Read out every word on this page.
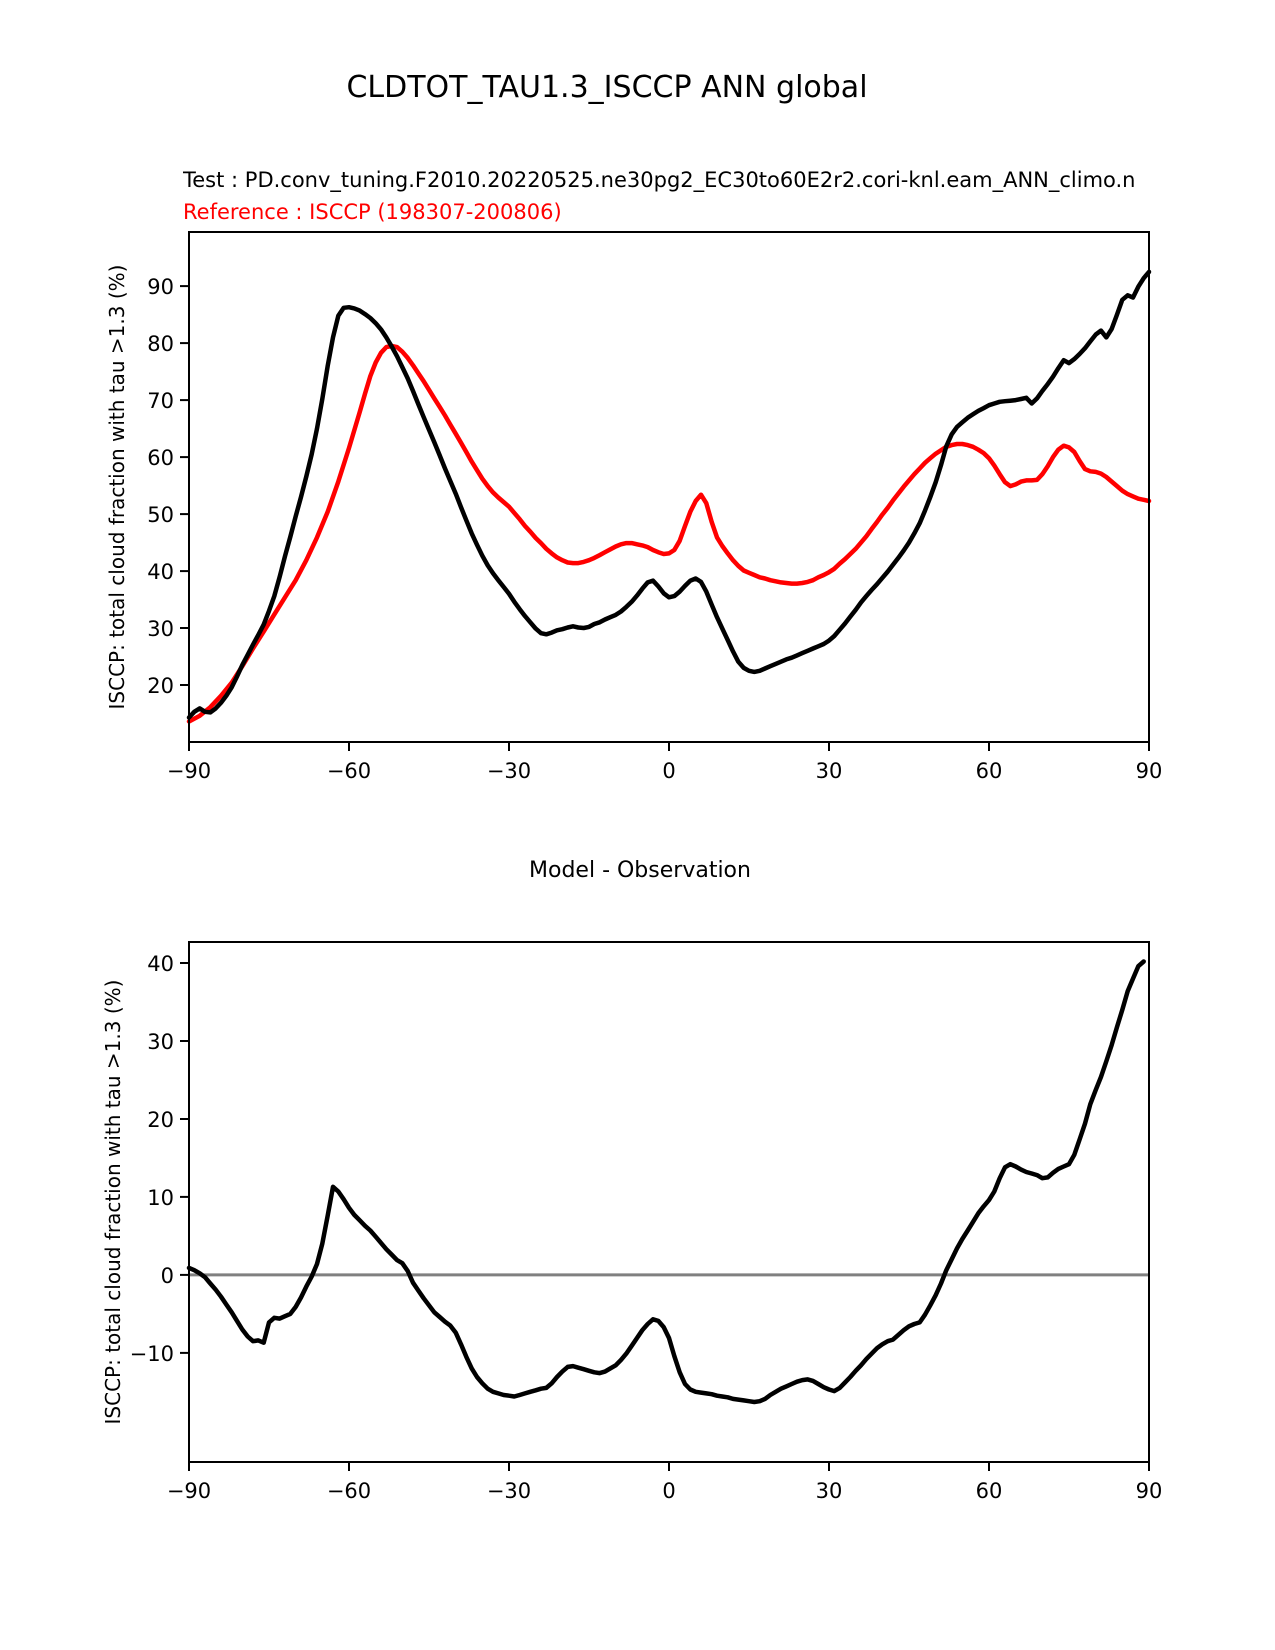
CLDTOT_TAU1.3_ISCCP ANN global
Test : PD.conv_tuning.F2010.20220525.ne30pg2_EC30to60E2r2.cori-knl.eam_ANN_climo.n
Reference : ISCCP (198307-200806)
ISCCP: total cloud fraction with tau >1.3 (%)
Model - Observation
ISCCP: total cloud fraction with tau >1.3 (%)
−90	−60	−30	0	30	60	90
20
30
40
50
60
70
80
90
−90	−60	−30	0	30	60	90
−10
0
10
20
30
40
